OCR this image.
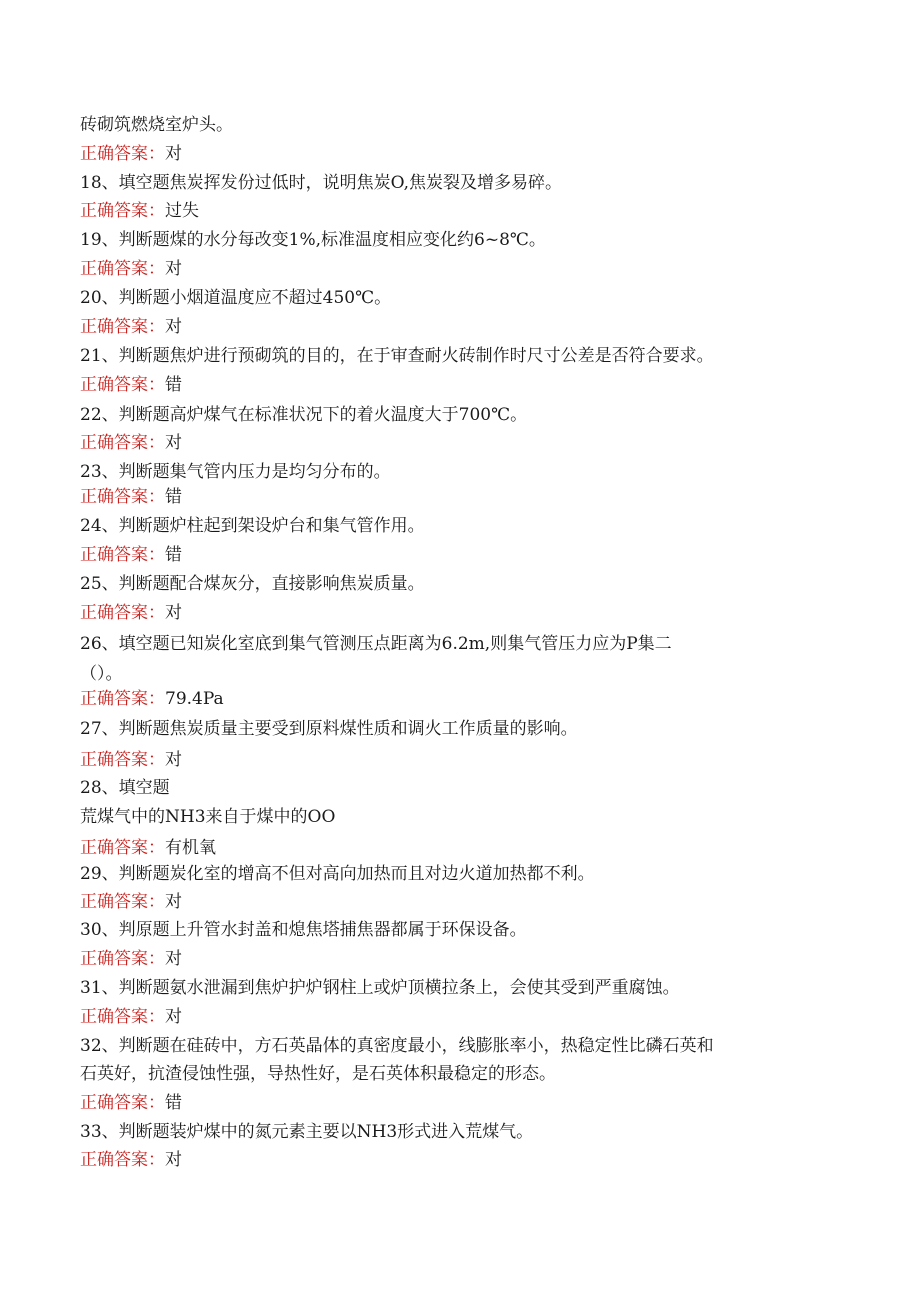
砖砌筑燃烧室炉头。
正确答案：对
18、填空题焦炭挥发份过低时，说明焦炭O,焦炭裂及增多易碎。
正确答案：过失
19、判断题煤的水分每改变1%,标准温度相应变化约6~8℃。
正确答案：对
20、判断题小烟道温度应不超过450℃。
正确答案：对
21、判断题焦炉进行预砌筑的目的，在于审查耐火砖制作时尺寸公差是否符合要求。
正确答案：错
22、判断题高炉煤气在标准状况下的着火温度大于700℃。
正确答案：对
23、判断题集气管内压力是均匀分布的。
正确答案：错
24、判断题炉柱起到架设炉台和集气管作用。
正确答案：错
25、判断题配合煤灰分，直接影响焦炭质量。
正确答案：对
26、填空题已知炭化室底到集气管测压点距离为6.2m,则集气管压力应为P集二
（）。
正确答案：79.4Pa
27、判断题焦炭质量主要受到原料煤性质和调火工作质量的影响。
正确答案：对
28、填空题
荒煤气中的NH3来自于煤中的OO
正确答案：有机氧
29、判断题炭化室的增高不但对高向加热而且对边火道加热都不利。
正确答案：对
30、判原题上升管水封盖和熄焦塔捕焦器都属于环保设备。
正确答案：对
31、判断题氨水泄漏到焦炉护炉钢柱上或炉顶横拉条上，会使其受到严重腐蚀。
正确答案：对
32、判断题在硅砖中，方石英晶体的真密度最小，线膨胀率小，热稳定性比磷石英和
石英好，抗渣侵蚀性强，导热性好，是石英体积最稳定的形态。
正确答案：错
33、判断题装炉煤中的氮元素主要以NH3形式进入荒煤气。
正确答案：对
